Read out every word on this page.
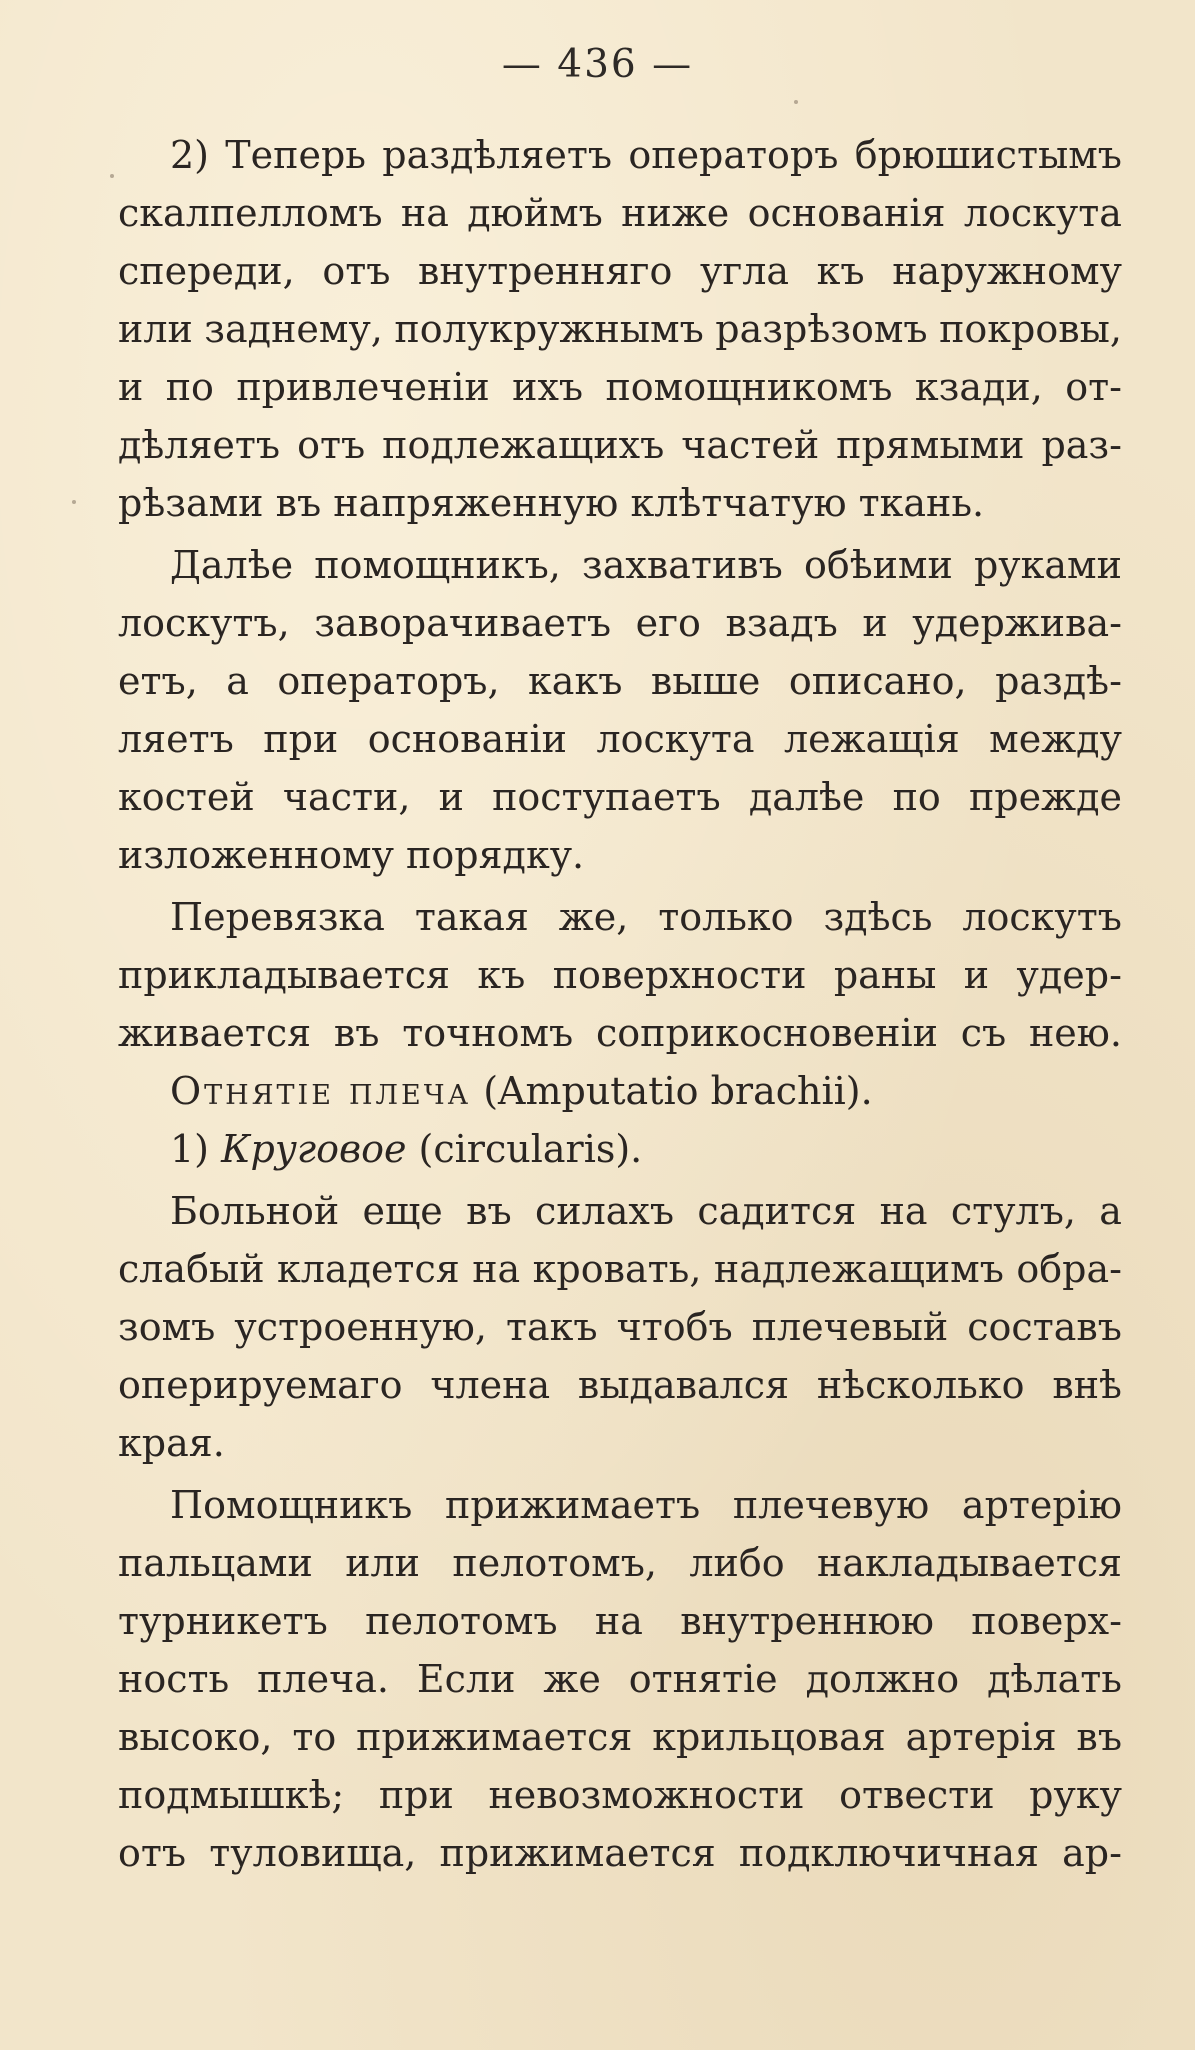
— 436 —
2) Теперь раздѣляетъ операторъ брюшистымъ
скалпелломъ на дюймъ ниже основанія лоскута
спереди, отъ внутренняго угла къ наружному
или заднему, полукружнымъ разрѣзомъ покровы,
и по привлеченіи ихъ помощникомъ кзади, от-
дѣляетъ отъ подлежащихъ частей прямыми раз-
рѣзами въ напряженную клѣтчатую ткань.
Далѣе помощникъ, захвативъ обѣими руками
лоскутъ, заворачиваетъ его взадъ и удержива-
етъ, а операторъ, какъ выше описано, раздѣ-
ляетъ при основаніи лоскута лежащія между
костей части, и поступаетъ далѣе по прежде
изложенному порядку.
Перевязка такая же, только здѣсь лоскутъ
прикладывается къ поверхности раны и удер-
живается въ точномъ соприкосновеніи съ нею.
Отнятіе плеча (Amputatio brachii).
1) Круговое (circularis).
Больной еще въ силахъ садится на стулъ, а
слабый кладется на кровать, надлежащимъ обра-
зомъ устроенную, такъ чтобъ плечевый составъ
оперируемаго члена выдавался нѣсколько внѣ
края.
Помощникъ прижимаетъ плечевую артерію
пальцами или пелотомъ, либо накладывается
турникетъ пелотомъ на внутреннюю поверх-
ность плеча. Если же отнятіе должно дѣлать
высоко, то прижимается крильцовая артерія въ
подмышкѣ; при невозможности отвести руку
отъ туловища, прижимается подключичная ар-
